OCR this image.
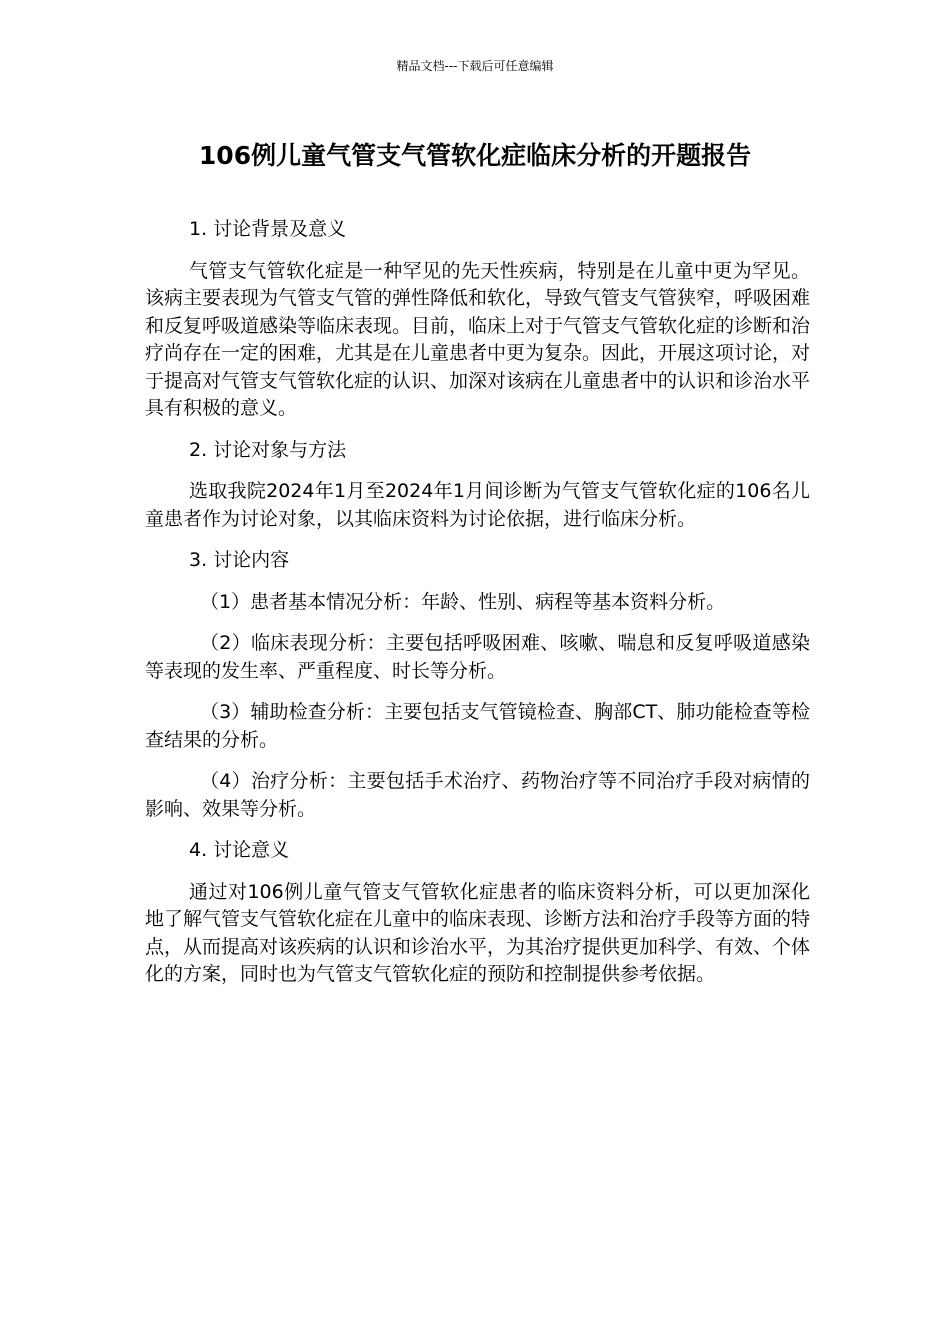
精品文档---下载后可任意编辑
106例儿童气管支气管软化症临床分析的开题报告

1. 讨论背景及意义

气管支气管软化症是一种罕见的先天性疾病，特别是在儿童中更为罕见。该病主要表现为气管支气管的弹性降低和软化，导致气管支气管狭窄，呼吸困难和反复呼吸道感染等临床表现。目前，临床上对于气管支气管软化症的诊断和治疗尚存在一定的困难，尤其是在儿童患者中更为复杂。因此，开展这项讨论，对于提高对气管支气管软化症的认识、加深对该病在儿童患者中的认识和诊治水平具有积极的意义。

2. 讨论对象与方法

选取我院2024年1月至2024年1月间诊断为气管支气管软化症的106名儿童患者作为讨论对象，以其临床资料为讨论依据，进行临床分析。

3. 讨论内容

（1）患者基本情况分析：年龄、性别、病程等基本资料分析。

（2）临床表现分析：主要包括呼吸困难、咳嗽、喘息和反复呼吸道感染等表现的发生率、严重程度、时长等分析。

（3）辅助检查分析：主要包括支气管镜检查、胸部CT、肺功能检查等检查结果的分析。

（4）治疗分析：主要包括手术治疗、药物治疗等不同治疗手段对病情的影响、效果等分析。

4. 讨论意义

通过对106例儿童气管支气管软化症患者的临床资料分析，可以更加深化地了解气管支气管软化症在儿童中的临床表现、诊断方法和治疗手段等方面的特点，从而提高对该疾病的认识和诊治水平，为其治疗提供更加科学、有效、个体化的方案，同时也为气管支气管软化症的预防和控制提供参考依据。
